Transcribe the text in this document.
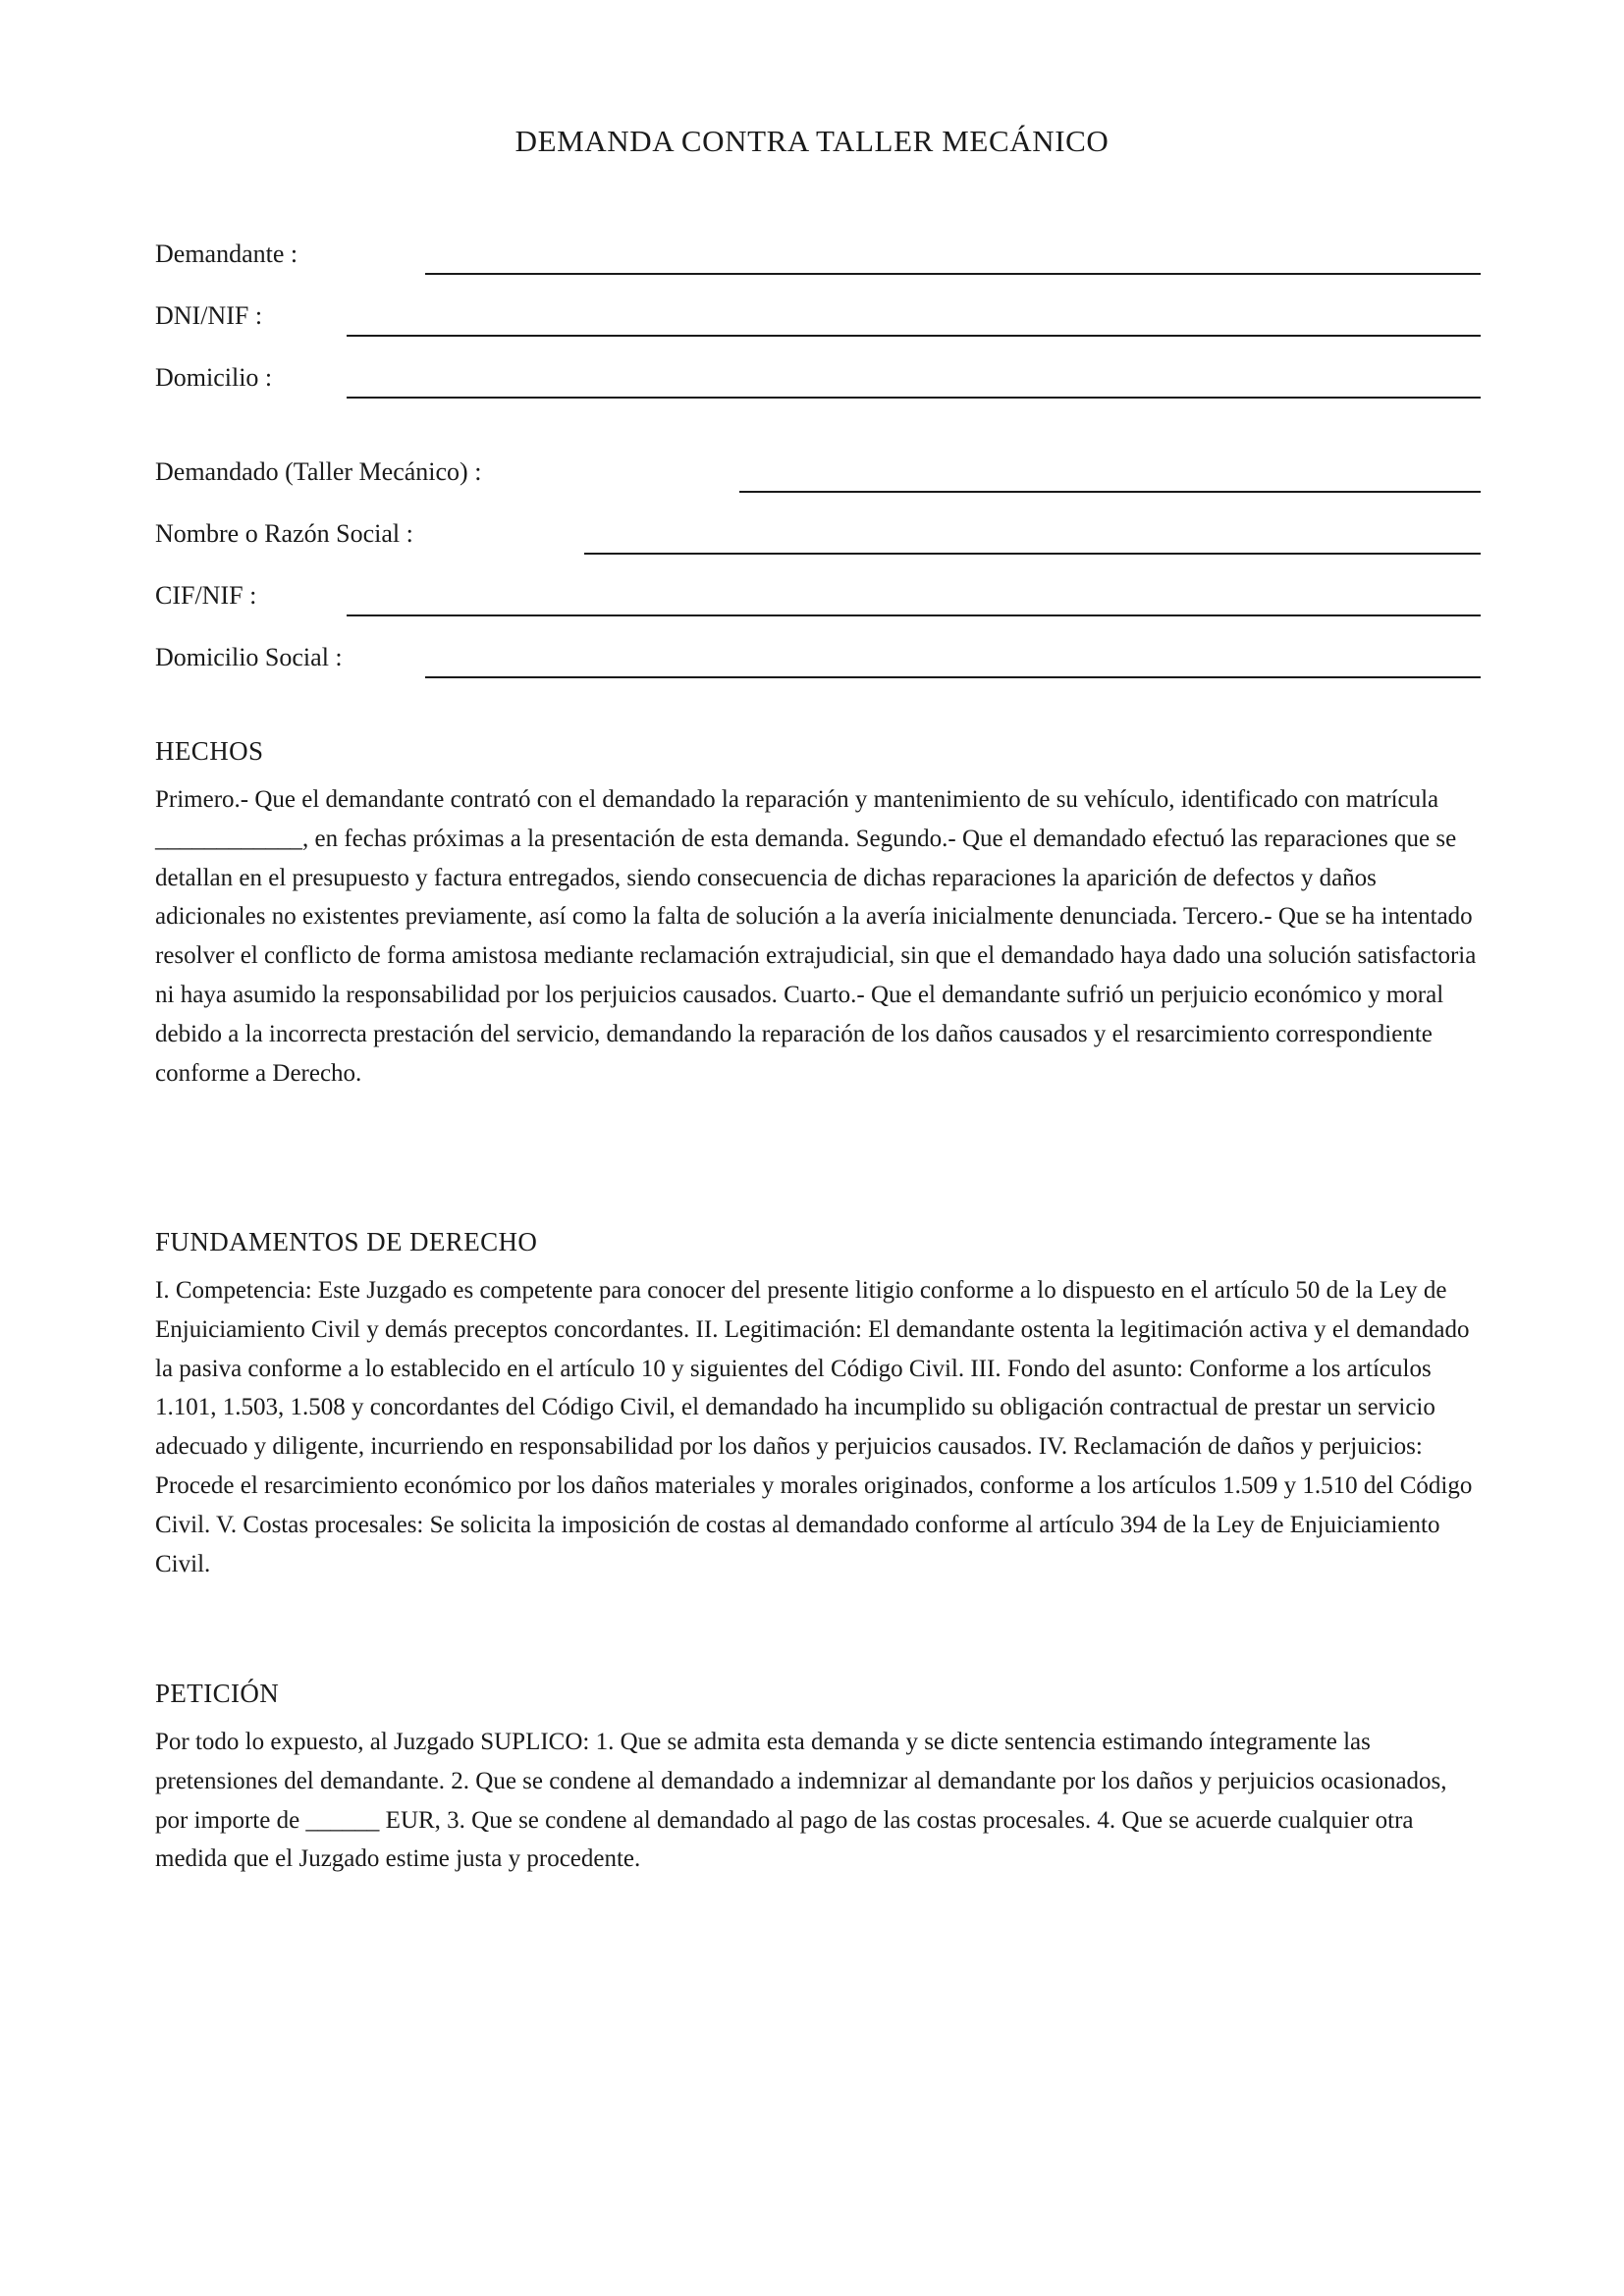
DEMANDA CONTRA TALLER MECÁNICO
Demandante :
DNI/NIF :
Domicilio :
Demandado (Taller Mecánico) :
Nombre o Razón Social :
CIF/NIF :
Domicilio Social :
HECHOS

Primero.- Que el demandante contrató con el demandado la reparación y mantenimiento de su vehículo, identificado con matrícula ____________, en fechas próximas a la presentación de esta demanda. Segundo.- Que el demandado efectuó las reparaciones que se detallan en el presupuesto y factura entregados, siendo consecuencia de dichas reparaciones la aparición de defectos y daños adicionales no existentes previamente, así como la falta de solución a la avería inicialmente denunciada. Tercero.- Que se ha intentado resolver el conflicto de forma amistosa mediante reclamación extrajudicial, sin que el demandado haya dado una solución satisfactoria ni haya asumido la responsabilidad por los perjuicios causados. Cuarto.- Que el demandante sufrió un perjuicio económico y moral debido a la incorrecta prestación del servicio, demandando la reparación de los daños causados y el resarcimiento correspondiente conforme a Derecho.

FUNDAMENTOS DE DERECHO

I. Competencia: Este Juzgado es competente para conocer del presente litigio conforme a lo dispuesto en el artículo 50 de la Ley de Enjuiciamiento Civil y demás preceptos concordantes. II. Legitimación: El demandante ostenta la legitimación activa y el demandado la pasiva conforme a lo establecido en el artículo 10 y siguientes del Código Civil. III. Fondo del asunto: Conforme a los artículos 1.101, 1.503, 1.508 y concordantes del Código Civil, el demandado ha incumplido su obligación contractual de prestar un servicio adecuado y diligente, incurriendo en responsabilidad por los daños y perjuicios causados. IV. Reclamación de daños y perjuicios: Procede el resarcimiento económico por los daños materiales y morales originados, conforme a los artículos 1.509 y 1.510 del Código Civil. V. Costas procesales: Se solicita la imposición de costas al demandado conforme al artículo 394 de la Ley de Enjuiciamiento Civil.

PETICIÓN

Por todo lo expuesto, al Juzgado SUPLICO: 1. Que se admita esta demanda y se dicte sentencia estimando íntegramente las pretensiones del demandante. 2. Que se condene al demandado a indemnizar al demandante por los daños y perjuicios ocasionados, por importe de ______ EUR, 3. Que se condene al demandado al pago de las costas procesales. 4. Que se acuerde cualquier otra medida que el Juzgado estime justa y procedente.
